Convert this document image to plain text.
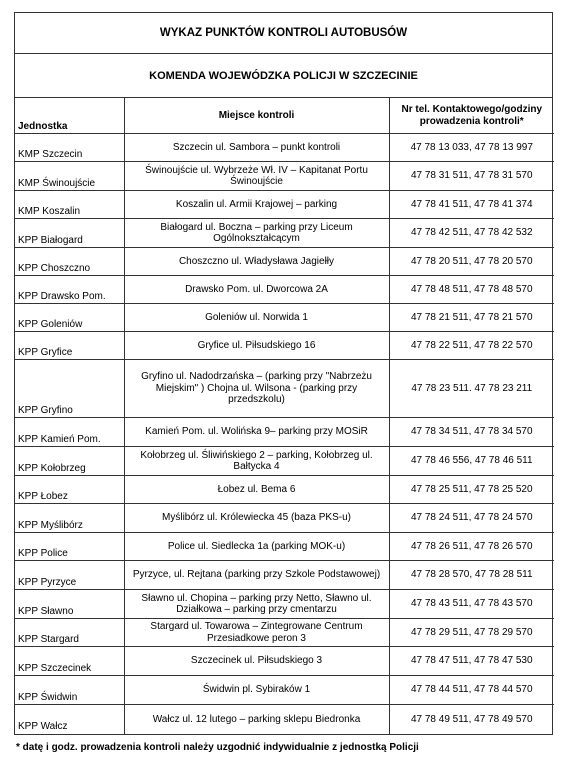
WYKAZ PUNKTÓW KONTROLI AUTOBUSÓW
KOMENDA WOJEWÓDZKA POLICJI W SZCZECINIE
Jednostka	Miejsce kontroli	Nr tel. Kontaktowego/godziny prowadzenia kontroli*
KMP Szczecin	Szczecin ul. Sambora – punkt kontroli	47 78 13 033, 47 78 13 997
KMP Świnoujście	Świnoujście ul. Wybrzeże Wł. IV – Kapitanat Portu Świnoujście	47 78 31 511, 47 78 31 570
KMP Koszalin	Koszalin ul. Armii Krajowej – parking	47 78 41 511, 47 78 41 374
KPP Białogard	Białogard ul. Boczna – parking przy Liceum Ogólnokształcącym	47 78 42 511, 47 78 42 532
KPP Choszczno	Choszczno ul. Władysława Jagiełły	47 78 20 511, 47 78 20 570
KPP Drawsko Pom.	Drawsko Pom. ul. Dworcowa 2A	47 78 48 511, 47 78 48 570
KPP Goleniów	Goleniów ul. Norwida 1	47 78 21 511, 47 78 21 570
KPP Gryfice	Gryfice ul. Piłsudskiego 16	47 78 22 511, 47 78 22 570
KPP Gryfino	Gryfino ul. Nadodrzańska – (parking przy "Nabrzeżu Miejskim" ) Chojna ul. Wilsona - (parking przy przedszkolu)	47 78 23 511. 47 78 23 211
KPP Kamień Pom.	Kamień Pom. ul. Wolińska 9– parking przy MOSiR	47 78 34 511, 47 78 34 570
KPP Kołobrzeg	Kołobrzeg ul. Śliwińskiego 2 – parking, Kołobrzeg ul. Bałtycka 4	47 78 46 556, 47 78 46 511
KPP Łobez	Łobez ul. Bema 6	47 78 25 511, 47 78 25 520
KPP Myślibórz	Myślibórz ul. Królewiecka 45 (baza PKS-u)	47 78 24 511, 47 78 24 570
KPP Police	Police ul. Siedlecka 1a (parking MOK-u)	47 78 26 511, 47 78 26 570
KPP Pyrzyce	Pyrzyce, ul. Rejtana (parking przy Szkole Podstawowej)	47 78 28 570, 47 78 28 511
KPP Sławno	Sławno ul. Chopina – parking przy Netto, Sławno ul. Działkowa – parking przy cmentarzu	47 78 43 511, 47 78 43 570
KPP Stargard	Stargard ul. Towarowa – Zintegrowane Centrum Przesiadkowe peron 3	47 78 29 511, 47 78 29 570
KPP Szczecinek	Szczecinek ul. Piłsudskiego 3	47 78 47 511, 47 78 47 530
KPP Świdwin	Świdwin pl. Sybiraków 1	47 78 44 511, 47 78 44 570
KPP Wałcz	Wałcz ul. 12 lutego – parking sklepu Biedronka	47 78 49 511, 47 78 49 570
* datę i godz. prowadzenia kontroli należy uzgodnić indywidualnie z jednostką Policji
